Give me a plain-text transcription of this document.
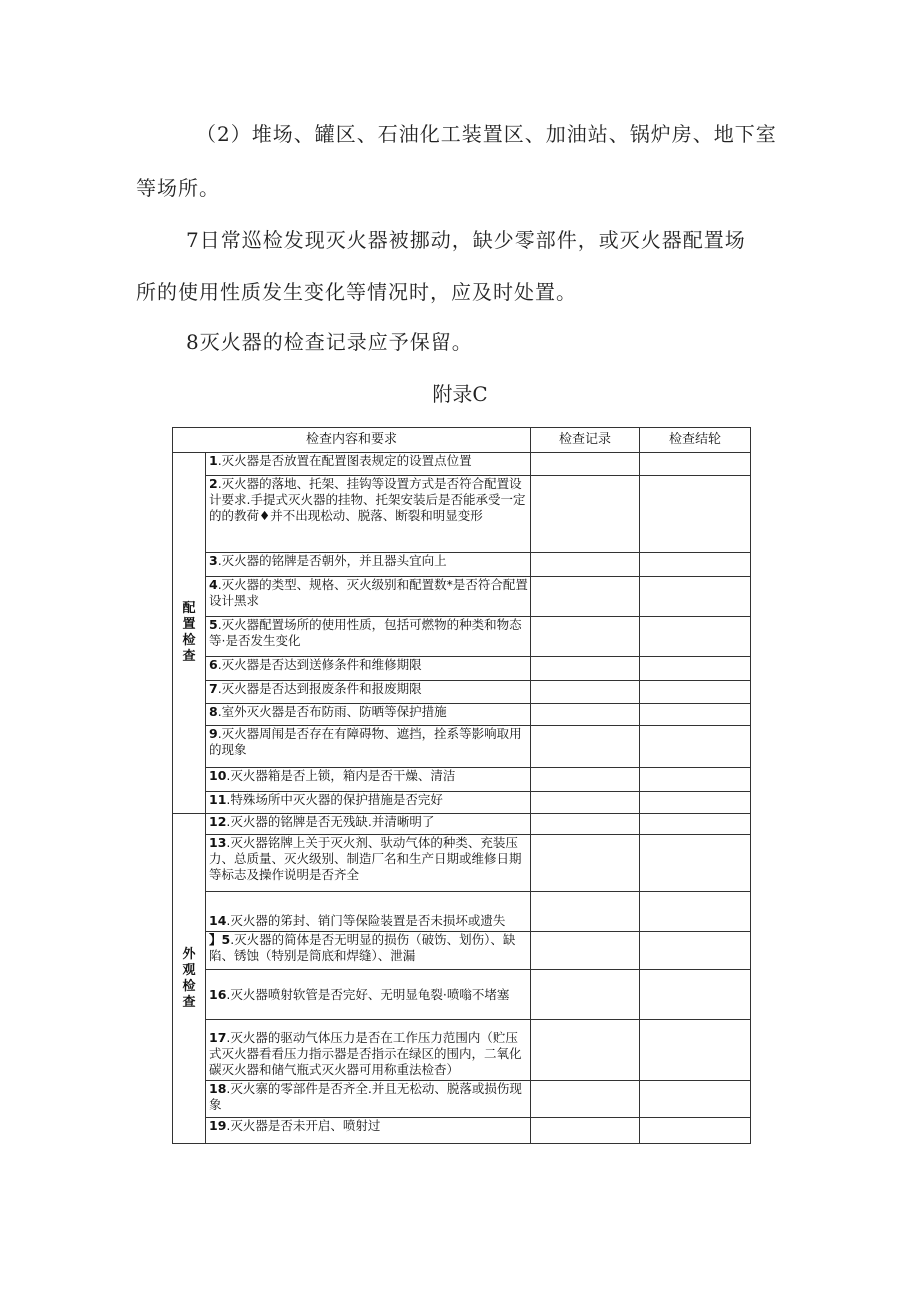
（2）堆场、罐区、石油化工装置区、加油站、锅炉房、地下室
等场所。
7日常巡检发现灭火器被挪动，缺少零部件，或灭火器配置场
所的使用性质发生变化等情况时，应及时处置。
8灭火器的检查记录应予保留。
附录C
检查内容和要求		检查记录	检查结轮
配置检查	1.灭火器是否放置在配置图表规定的设置点位置		
	2.灭火器的落地、托架、挂钩等设置方式是否符合配置设计要求.手提式灭火器的挂物、托架安装后是否能承受一定的的教荷♦并不出现松动、脱落、断裂和明显变形		
	3.灭火器的铭牌是否朝外，并且器头宜向上		
	4.灭火器的类型、规格、灭火级别和配置数*是否符合配置设计黑求		
	5.灭火器配置场所的使用性质，包括可燃物的种类和物态等·是否发生变化		
	6.灭火器是否达到送修条件和维修期限		
	7.灭火器是否达到报废条件和报废期限		
	8.室外灭火器是否布防雨、防晒等保护措施		
	9.灭火器周闱是否存在有障碍物、遮挡，拴系等影响取用的现象		
	10.灭火器箱是否上锁，箱内是否干燥、清洁		
	11.特殊场所中灭火器的保护措施是否完好		
外观检查	12.灭火器的铭牌是否无残缺.并清晰明了		
	13.灭火器铭牌上关于灭火剂、驮动气体的种类、充装压力、总质量、灭火级别、制造厂名和生产日期或维修日期等标志及操作说明是否齐全		
	14.灭火器的笫封、销门等保险装置是否未损坏或遗失		
	】5.灭火器的简体是否无明显的损伤（破饬、划伤）、缺陷、锈蚀（特别是筒底和焊缝）、泄漏		
	16.灭火器喷射软管是否完好、无明显龟裂·喷嗡不堵塞		
	17.灭火器的驱动气体压力是否在工作压力范围内（贮压式灭火器看看压力指示器是否指示在绿区的围内，二氧化碳灭火器和储气瓶式灭火器可用称重法检杳）		
	18.灭火寨的零部件是否齐全.并且无松动、脱落或损伤现象		
	19.灭火器是否未开启、喷射过		
